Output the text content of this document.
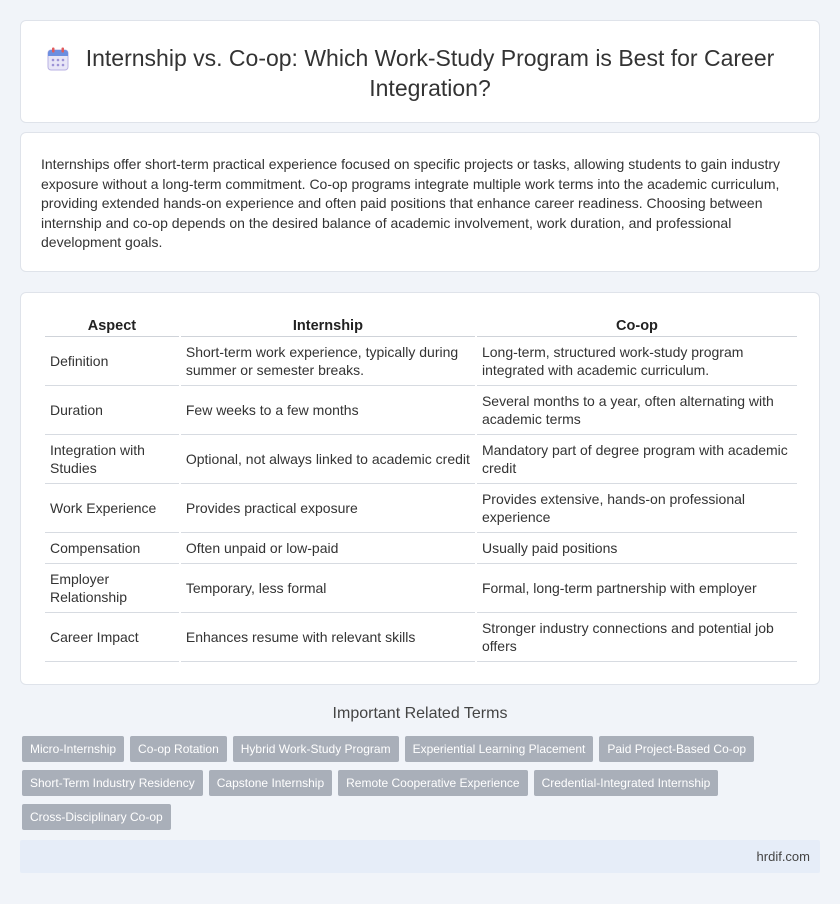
Internship vs. Co-op: Which Work-Study Program is Best for Career Integration?

Internships offer short-term practical experience focused on specific projects or tasks, allowing students to gain industry exposure without a long-term commitment. Co-op programs integrate multiple work terms into the academic curriculum, providing extended hands-on experience and often paid positions that enhance career readiness. Choosing between internship and co-op depends on the desired balance of academic involvement, work duration, and professional development goals.

Aspect	Internship	Co-op
Definition	Short-term work experience, typically during summer or semester breaks.	Long-term, structured work-study program integrated with academic curriculum.
Duration	Few weeks to a few months	Several months to a year, often alternating with academic terms
Integration with Studies	Optional, not always linked to academic credit	Mandatory part of degree program with academic credit
Work Experience	Provides practical exposure	Provides extensive, hands-on professional experience
Compensation	Often unpaid or low-paid	Usually paid positions
Employer Relationship	Temporary, less formal	Formal, long-term partnership with employer
Career Impact	Enhances resume with relevant skills	Stronger industry connections and potential job offers
Important Related Terms
Micro-Internship	Co-op Rotation	Hybrid Work-Study Program	Experiential Learning Placement	Paid Project-Based Co-op
Short-Term Industry Residency	Capstone Internship	Remote Cooperative Experience	Credential-Integrated Internship
Cross-Disciplinary Co-op
hrdif.com
